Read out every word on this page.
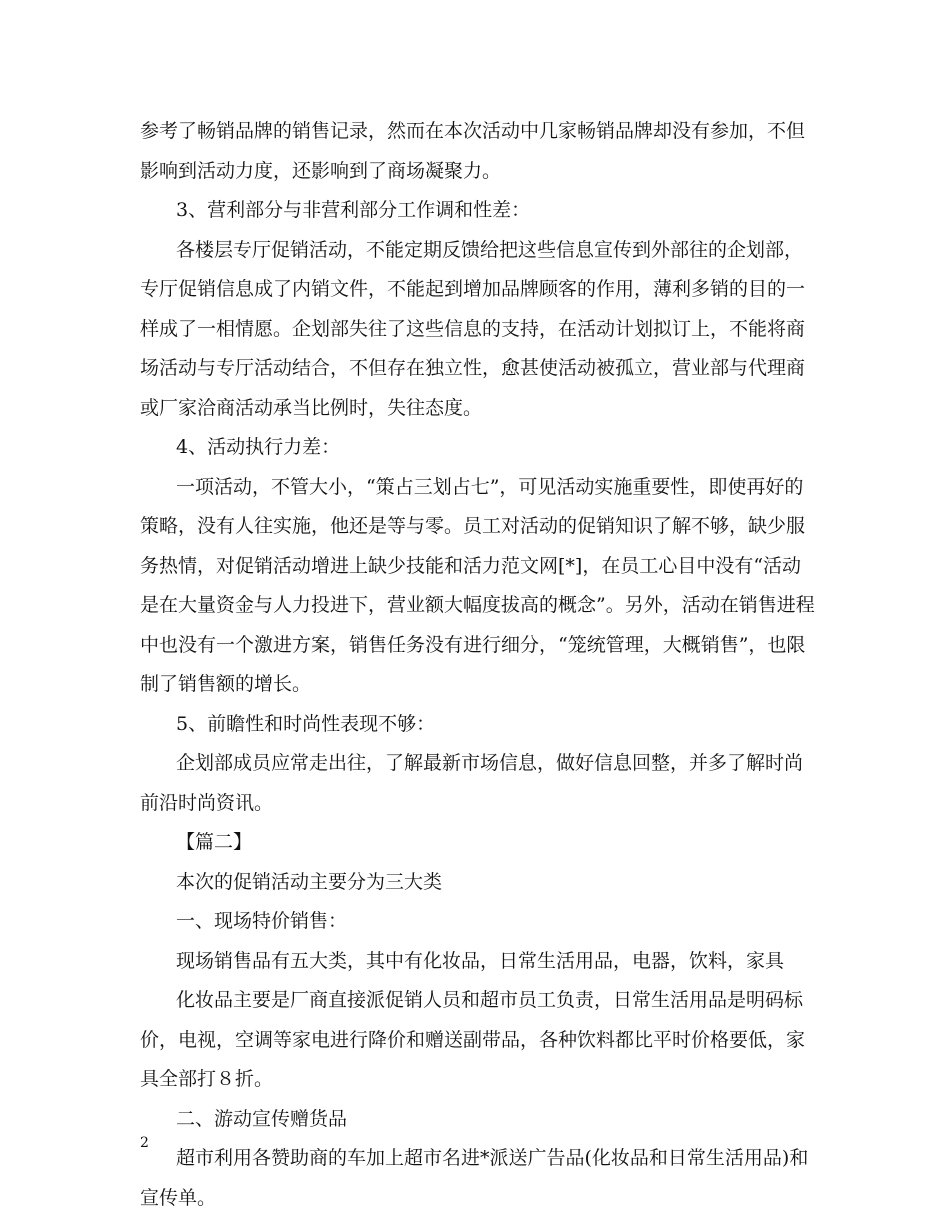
参考了畅销品牌的销售记录，然而在本次活动中几家畅销品牌却没有参加，不但影响到活动力度，还影响到了商场凝聚力。

3、营利部分与非营利部分工作调和性差：

各楼层专厅促销活动，不能定期反馈给把这些信息宣传到外部往的企划部，专厅促销信息成了内销文件，不能起到增加品牌顾客的作用，薄利多销的目的一样成了一相情愿。企划部失往了这些信息的支持，在活动计划拟订上，不能将商场活动与专厅活动结合，不但存在独立性，愈甚使活动被孤立，营业部与代理商或厂家洽商活动承当比例时，失往态度。

4、活动执行力差：

一项活动，不管大小，“策占三划占七”，可见活动实施重要性，即使再好的策略，没有人往实施，他还是等与零。员工对活动的促销知识了解不够，缺少服务热情，对促销活动增进上缺少技能和活力范文网[*]，在员工心目中没有“活动是在大量资金与人力投进下，营业额大幅度拔高的概念”。另外，活动在销售进程中也没有一个激进方案，销售任务没有进行细分，“笼统管理，大概销售”，也限制了销售额的增长。

5、前瞻性和时尚性表现不够：

企划部成员应常走出往，了解最新市场信息，做好信息回整，并多了解时尚前沿时尚资讯。

【篇二】

本次的促销活动主要分为三大类

一、现场特价销售：

现场销售品有五大类，其中有化妆品，日常生活用品，电器，饮料，家具

化妆品主要是厂商直接派促销人员和超市员工负责，日常生活用品是明码标价，电视，空调等家电进行降价和赠送副带品，各种饮料都比平时价格要低，家具全部打８折。

二、游动宣传赠货品

超市利用各赞助商的车加上超市名进*派送广告品(化妆品和日常生活用品)和宣传单。

2
